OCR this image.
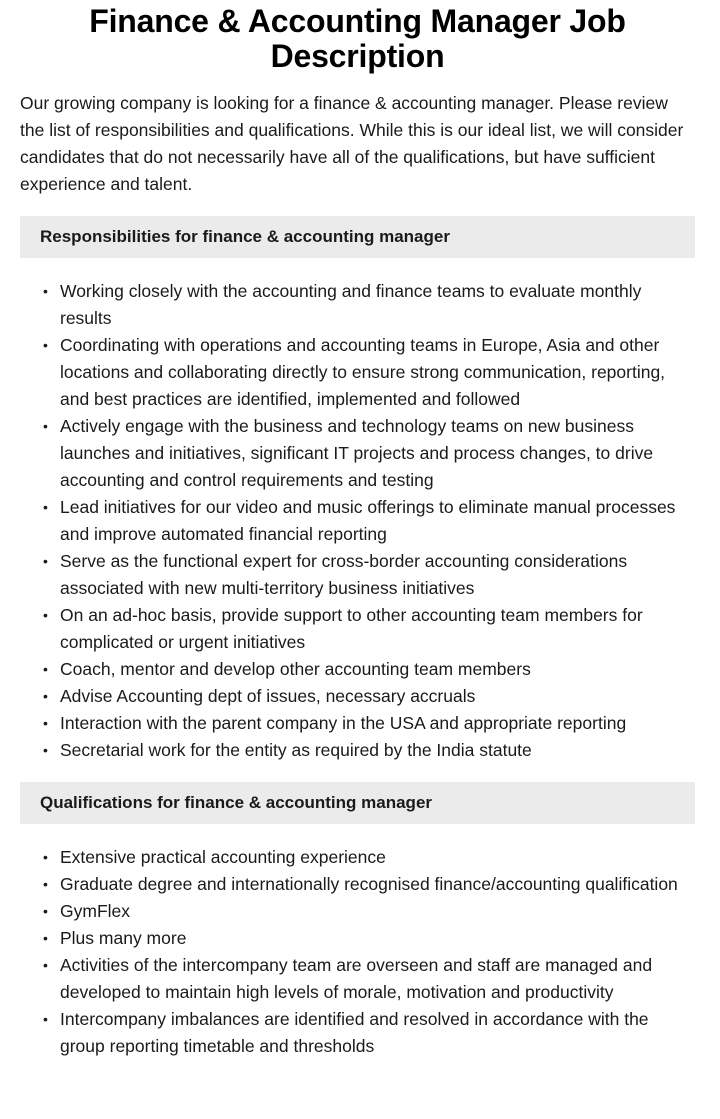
Finance & Accounting Manager Job Description

Our growing company is looking for a finance & accounting manager. Please review the list of responsibilities and qualifications. While this is our ideal list, we will consider candidates that do not necessarily have all of the qualifications, but have sufficient experience and talent.

Responsibilities for finance & accounting manager
• Working closely with the accounting and finance teams to evaluate monthly results
• Coordinating with operations and accounting teams in Europe, Asia and other locations and collaborating directly to ensure strong communication, reporting, and best practices are identified, implemented and followed
• Actively engage with the business and technology teams on new business launches and initiatives, significant IT projects and process changes, to drive accounting and control requirements and testing
• Lead initiatives for our video and music offerings to eliminate manual processes and improve automated financial reporting
• Serve as the functional expert for cross-border accounting considerations associated with new multi-territory business initiatives
• On an ad-hoc basis, provide support to other accounting team members for complicated or urgent initiatives
• Coach, mentor and develop other accounting team members
• Advise Accounting dept of issues, necessary accruals
• Interaction with the parent company in the USA and appropriate reporting
• Secretarial work for the entity as required by the India statute
Qualifications for finance & accounting manager
• Extensive practical accounting experience
• Graduate degree and internationally recognised finance/accounting qualification
• GymFlex
• Plus many more
• Activities of the intercompany team are overseen and staff are managed and developed to maintain high levels of morale, motivation and productivity
• Intercompany imbalances are identified and resolved in accordance with the group reporting timetable and thresholds
